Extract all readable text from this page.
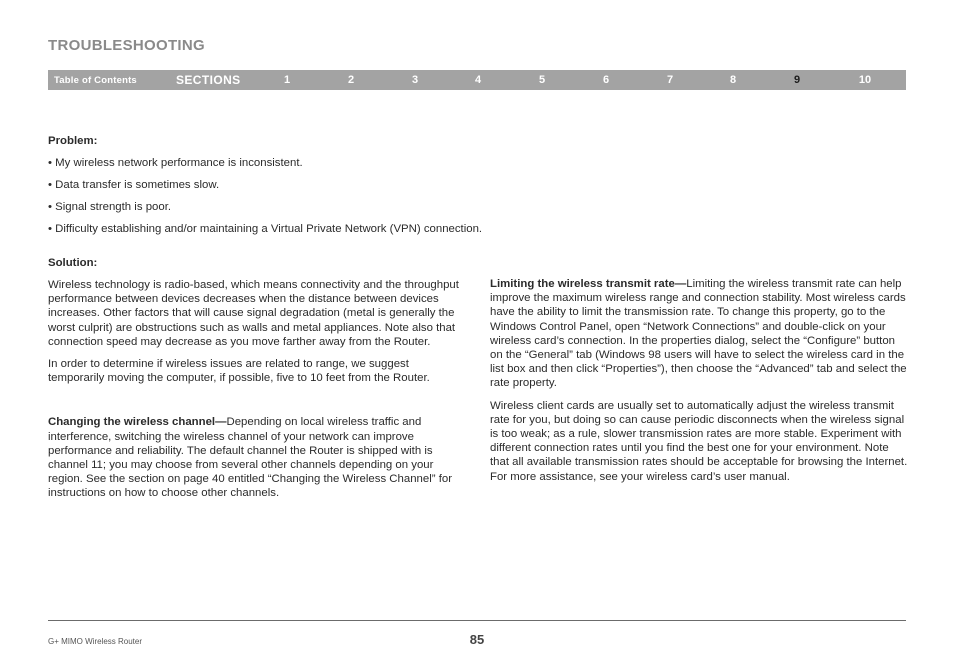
TROUBLESHOOTING
Table of Contents	SECTIONS	1	2	3	4	5	6	7	8	9	10
Problem:
• My wireless network performance is inconsistent.
• Data transfer is sometimes slow.
• Signal strength is poor.
• Difficulty establishing and/or maintaining a Virtual Private Network (VPN) connection.
Solution:

Wireless technology is radio-based, which means connectivity and the throughput performance between devices decreases when the distance between devices increases. Other factors that will cause signal degradation (metal is generally the worst culprit) are obstructions such as walls and metal appliances. Note also that connection speed may decrease as you move farther away from the Router.

In order to determine if wireless issues are related to range, we suggest temporarily moving the computer, if possible, five to 10 feet from the Router.

Changing the wireless channel—Depending on local wireless traffic and interference, switching the wireless channel of your network can improve performance and reliability. The default channel the Router is shipped with is channel 11; you may choose from several other channels depending on your region. See the section on page 40 entitled “Changing the Wireless Channel” for instructions on how to choose other channels.

Limiting the wireless transmit rate—Limiting the wireless transmit rate can help improve the maximum wireless range and connection stability. Most wireless cards have the ability to limit the transmission rate. To change this property, go to the Windows Control Panel, open “Network Connections” and double-click on your wireless card’s connection. In the properties dialog, select the “Configure” button on the “General” tab (Windows 98 users will have to select the wireless card in the list box and then click “Properties”), then choose the “Advanced” tab and select the rate property.

Wireless client cards are usually set to automatically adjust the wireless transmit rate for you, but doing so can cause periodic disconnects when the wireless signal is too weak; as a rule, slower transmission rates are more stable. Experiment with different connection rates until you find the best one for your environment. Note that all available transmission rates should be acceptable for browsing the Internet. For more assistance, see your wireless card’s user manual.

G+ MIMO Wireless Router	85
